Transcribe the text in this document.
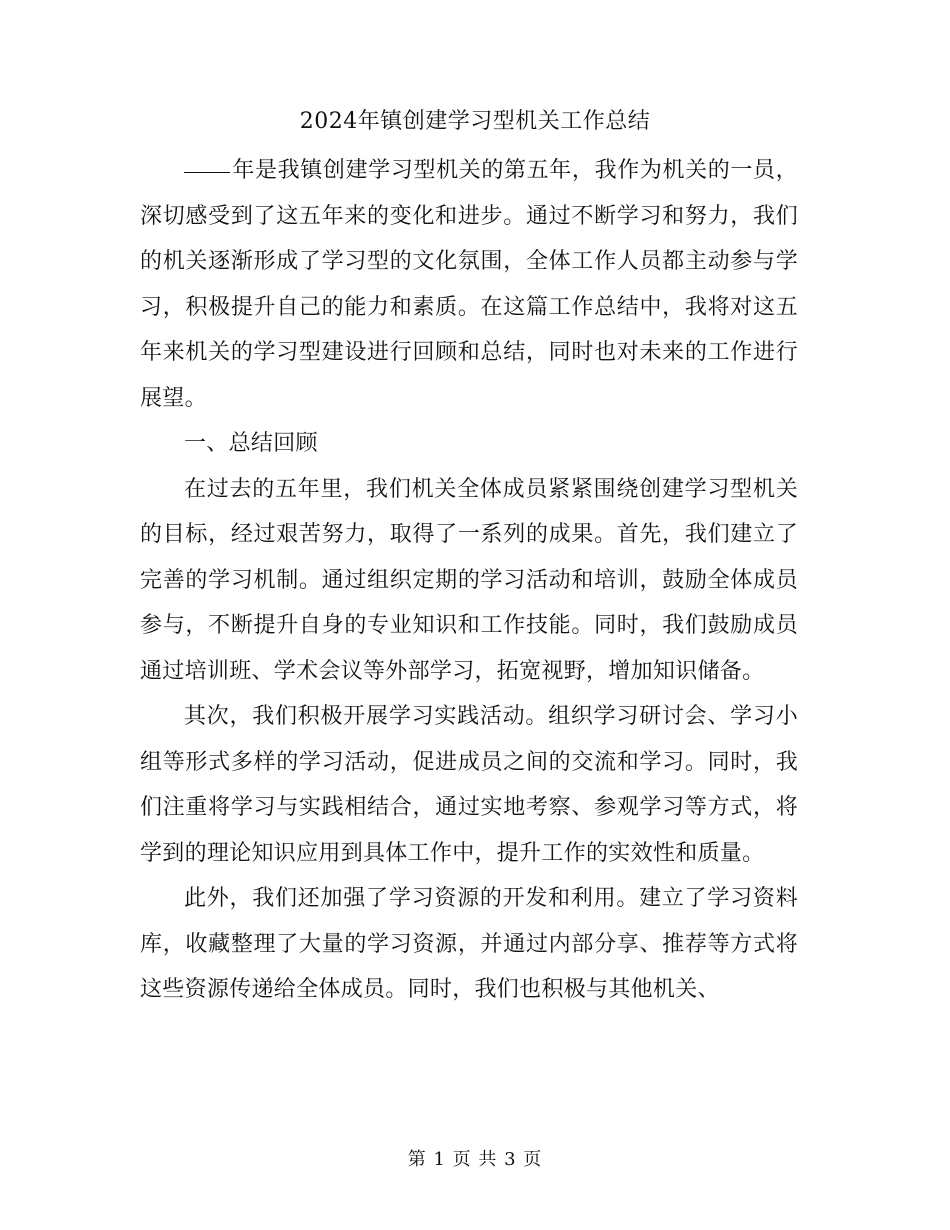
2024年镇创建学习型机关工作总结

年是我镇创建学习型机关的第五年，我作为机关的一员，深切感受到了这五年来的变化和进步。通过不断学习和努力，我们的机关逐渐形成了学习型的文化氛围，全体工作人员都主动参与学习，积极提升自己的能力和素质。在这篇工作总结中，我将对这五年来机关的学习型建设进行回顾和总结，同时也对未来的工作进行展望。

一、总结回顾

在过去的五年里，我们机关全体成员紧紧围绕创建学习型机关的目标，经过艰苦努力，取得了一系列的成果。首先，我们建立了完善的学习机制。通过组织定期的学习活动和培训，鼓励全体成员参与，不断提升自身的专业知识和工作技能。同时，我们鼓励成员通过培训班、学术会议等外部学习，拓宽视野，增加知识储备。

其次，我们积极开展学习实践活动。组织学习研讨会、学习小组等形式多样的学习活动，促进成员之间的交流和学习。同时，我们注重将学习与实践相结合，通过实地考察、参观学习等方式，将学到的理论知识应用到具体工作中，提升工作的实效性和质量。

此外，我们还加强了学习资源的开发和利用。建立了学习资料库，收藏整理了大量的学习资源，并通过内部分享、推荐等方式将这些资源传递给全体成员。同时，我们也积极与其他机关、

第 1 页 共 3 页
